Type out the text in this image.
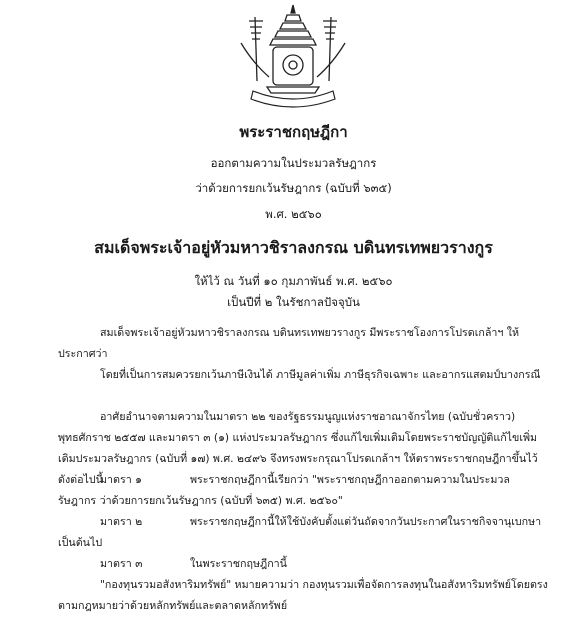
พระราชกฤษฎีกา
ออกตามความในประมวลรัษฎากร
ว่าด้วยการยกเว้นรัษฎากร (ฉบับที่ ๖๓๕)
พ.ศ. ๒๕๖๐
สมเด็จพระเจ้าอยู่หัวมหาวชิราลงกรณ บดินทรเทพยวรางกูร
ให้ไว้ ณ วันที่ ๑๐ กุมภาพันธ์ พ.ศ. ๒๕๖๐
เป็นปีที่ ๒ ในรัชกาลปัจจุบัน
สมเด็จพระเจ้าอยู่หัวมหาวชิราลงกรณ บดินทรเทพยวรางกูร มีพระราชโองการโปรดเกล้าฯ ให้ประกาศว่า
โดยที่เป็นการสมควรยกเว้นภาษีเงินได้ ภาษีมูลค่าเพิ่ม ภาษีธุรกิจเฉพาะ และอากรแสตมป์บางกรณี
อาศัยอำนาจตามความในมาตรา ๒๒ ของรัฐธรรมนูญแห่งราชอาณาจักรไทย (ฉบับชั่วคราว) พุทธศักราช ๒๕๕๗ และมาตรา ๓ (๑) แห่งประมวลรัษฎากร ซึ่งแก้ไขเพิ่มเติมโดยพระราชบัญญัติแก้ไขเพิ่มเติมประมวลรัษฎากร (ฉบับที่ ๑๗) พ.ศ. ๒๔๙๖ จึงทรงพระกรุณาโปรดเกล้าฯ ให้ตราพระราชกฤษฎีกาขึ้นไว้ ดังต่อไปนี้
มาตรา ๑	พระราชกฤษฎีกานี้เรียกว่า "พระราชกฤษฎีกาออกตามความในประมวลรัษฎากร ว่าด้วยการยกเว้นรัษฎากร (ฉบับที่ ๖๓๕) พ.ศ. ๒๕๖๐"
มาตรา ๒	พระราชกฤษฎีกานี้ให้ใช้บังคับตั้งแต่วันถัดจากวันประกาศในราชกิจจานุเบกษาเป็นต้นไป
มาตรา ๓	ในพระราชกฤษฎีกานี้
"กองทุนรวมอสังหาริมทรัพย์" หมายความว่า กองทุนรวมเพื่อจัดการลงทุนในอสังหาริมทรัพย์โดยตรงตามกฎหมายว่าด้วยหลักทรัพย์และตลาดหลักทรัพย์
